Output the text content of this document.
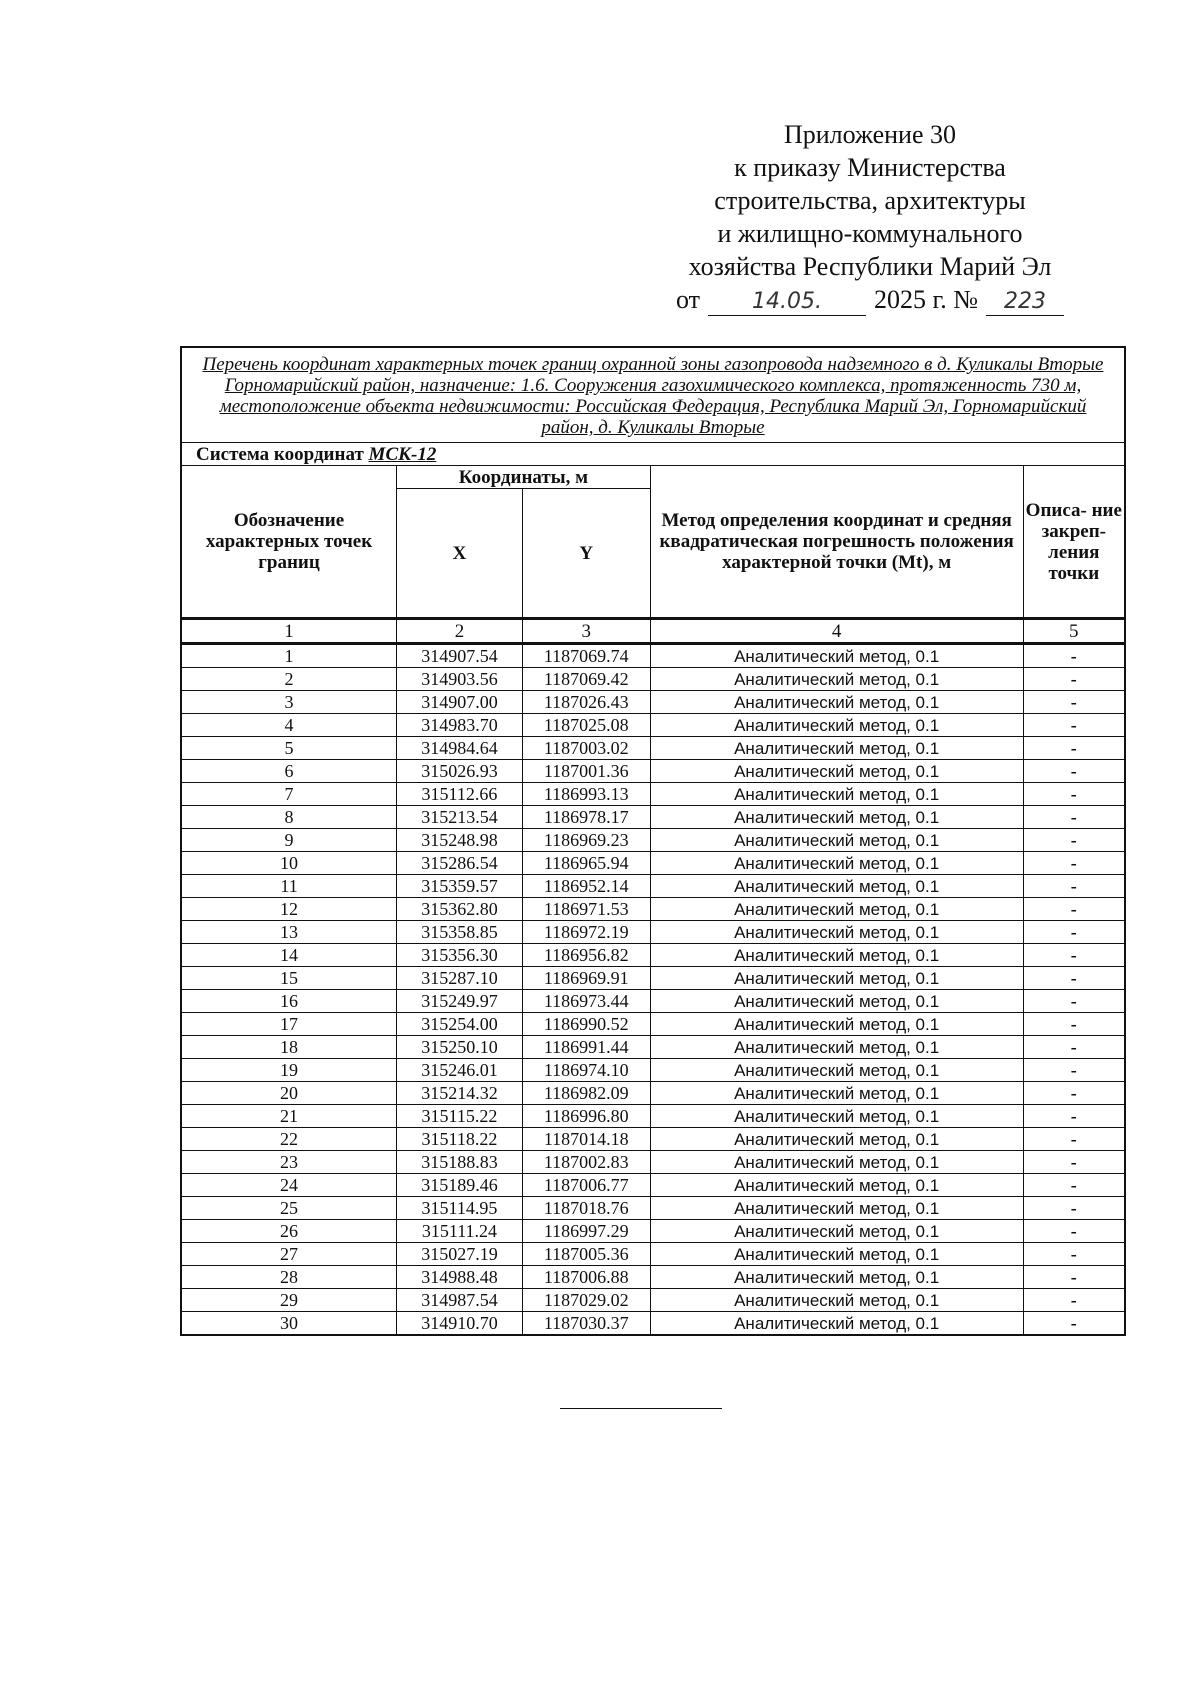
Приложение 30
к приказу Министерства
строительства, архитектуры
и жилищно-коммунального
хозяйства Республики Марий Эл
от	14.05.	2025 г. №	223
Перечень координат характерных точек границ охранной зоны газопровода надземного в д. Куликалы Вторые Горномарийский район, назначение: 1.6. Сооружения газохимического комплекса, протяженность 730 м, местоположение объекта недвижимости: Российская Федерация, Республика Марий Эл, Горномарийский район, д. Куликалы Вторые				
Система координат МСК-12				
Обозначение характерных точек границ	Координаты, м		Метод определения координат и средняя квадратическая погрешность положения характерной точки (Mt), м	Описа- ние закреп- ления точки
	X	Y		
1	2	3	4	5
1	314907.54	1187069.74	Аналитический метод, 0.1	-
2	314903.56	1187069.42	Аналитический метод, 0.1	-
3	314907.00	1187026.43	Аналитический метод, 0.1	-
4	314983.70	1187025.08	Аналитический метод, 0.1	-
5	314984.64	1187003.02	Аналитический метод, 0.1	-
6	315026.93	1187001.36	Аналитический метод, 0.1	-
7	315112.66	1186993.13	Аналитический метод, 0.1	-
8	315213.54	1186978.17	Аналитический метод, 0.1	-
9	315248.98	1186969.23	Аналитический метод, 0.1	-
10	315286.54	1186965.94	Аналитический метод, 0.1	-
11	315359.57	1186952.14	Аналитический метод, 0.1	-
12	315362.80	1186971.53	Аналитический метод, 0.1	-
13	315358.85	1186972.19	Аналитический метод, 0.1	-
14	315356.30	1186956.82	Аналитический метод, 0.1	-
15	315287.10	1186969.91	Аналитический метод, 0.1	-
16	315249.97	1186973.44	Аналитический метод, 0.1	-
17	315254.00	1186990.52	Аналитический метод, 0.1	-
18	315250.10	1186991.44	Аналитический метод, 0.1	-
19	315246.01	1186974.10	Аналитический метод, 0.1	-
20	315214.32	1186982.09	Аналитический метод, 0.1	-
21	315115.22	1186996.80	Аналитический метод, 0.1	-
22	315118.22	1187014.18	Аналитический метод, 0.1	-
23	315188.83	1187002.83	Аналитический метод, 0.1	-
24	315189.46	1187006.77	Аналитический метод, 0.1	-
25	315114.95	1187018.76	Аналитический метод, 0.1	-
26	315111.24	1186997.29	Аналитический метод, 0.1	-
27	315027.19	1187005.36	Аналитический метод, 0.1	-
28	314988.48	1187006.88	Аналитический метод, 0.1	-
29	314987.54	1187029.02	Аналитический метод, 0.1	-
30	314910.70	1187030.37	Аналитический метод, 0.1	-
